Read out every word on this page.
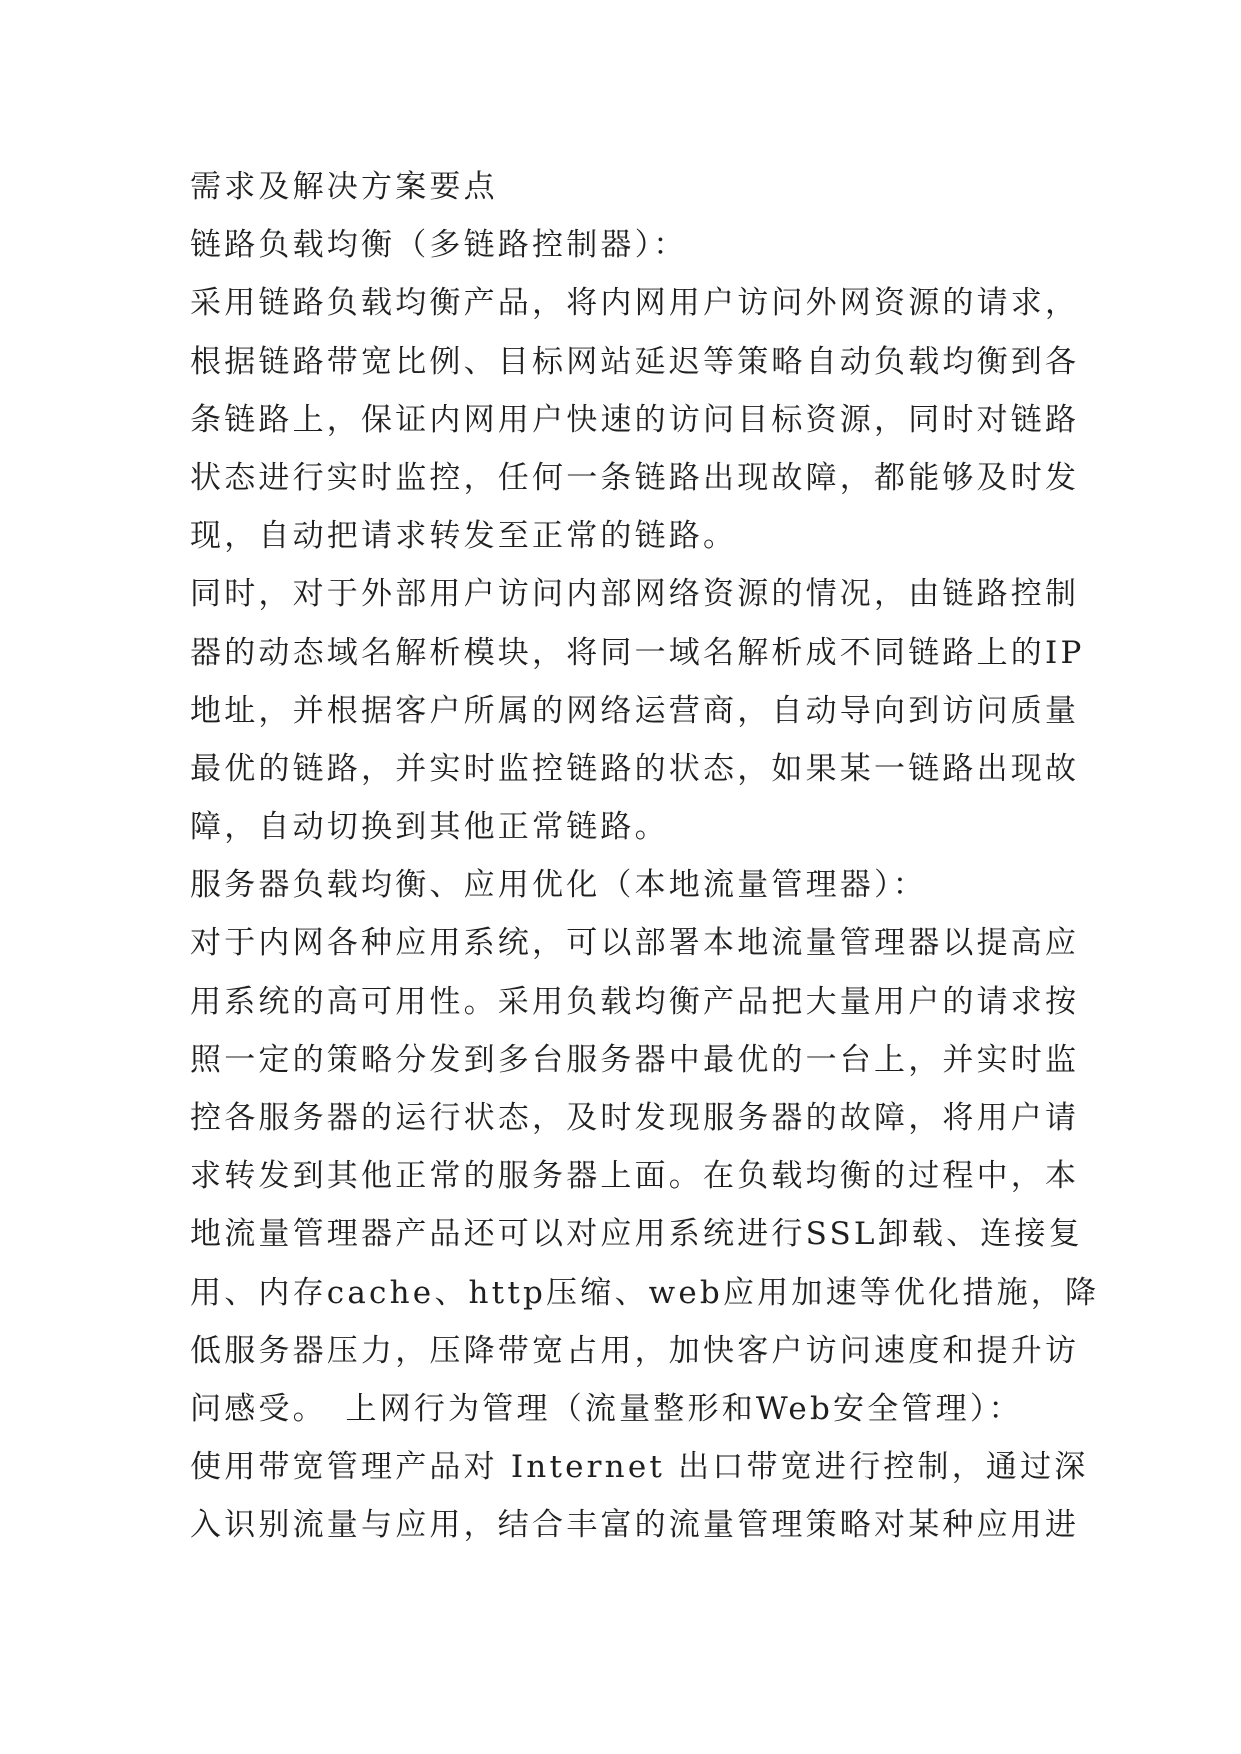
需求及解决方案要点
链路负载均衡（多链路控制器）：
采用链路负载均衡产品，将内网用户访问外网资源的请求，
根据链路带宽比例、目标网站延迟等策略自动负载均衡到各
条链路上，保证内网用户快速的访问目标资源，同时对链路
状态进行实时监控，任何一条链路出现故障，都能够及时发
现，自动把请求转发至正常的链路。
同时，对于外部用户访问内部网络资源的情况，由链路控制
器的动态域名解析模块，将同一域名解析成不同链路上的IP
地址，并根据客户所属的网络运营商，自动导向到访问质量
最优的链路，并实时监控链路的状态，如果某一链路出现故
障，自动切换到其他正常链路。
服务器负载均衡、应用优化（本地流量管理器）：
对于内网各种应用系统，可以部署本地流量管理器以提高应
用系统的高可用性。采用负载均衡产品把大量用户的请求按
照一定的策略分发到多台服务器中最优的一台上，并实时监
控各服务器的运行状态，及时发现服务器的故障，将用户请
求转发到其他正常的服务器上面。在负载均衡的过程中，本
地流量管理器产品还可以对应用系统进行SSL卸载、连接复
用、内存cache、http压缩、web应用加速等优化措施，降
低服务器压力，压降带宽占用，加快客户访问速度和提升访
问感受。　上网行为管理（流量整形和Web安全管理）：
使用带宽管理产品对 Internet 出口带宽进行控制，通过深
入识别流量与应用，结合丰富的流量管理策略对某种应用进
